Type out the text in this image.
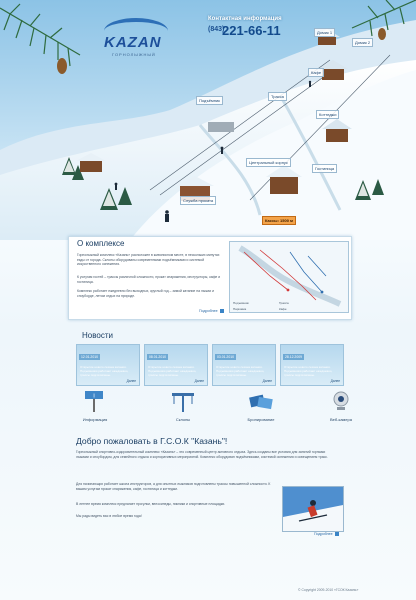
KAZAN
ГОРНОЛЫЖНЫЙ
Контактная информация
(843)
221-66-11	Домик 1
Домик 2
Кафе
Коттеджи
Подъёмник
Трасса
Центральный корпус
Гостиница
Служба проката
Кассы: 1500 м
О комплексе
Горнолыжный комплекс «Казань» расположен в живописном месте, в нескольких минутах езды от города. Склоны оборудованы современными подъёмниками и системой искусственного оснежения.
К услугам гостей – трассы различной сложности, прокат снаряжения, инструкторы, кафе и гостиница.
Комплекс работает ежедневно без выходных, круглый год – зимой катание на лыжах и сноуборде, летом отдых на природе.
Подробнее
Подъёмник	Трасса
Парковка	Кафе
Новости
12.01.2010
Открытие нового сезона катания. Подъёмники работают ежедневно, трассы подготовлены.
Далее
08.01.2010
Открытие нового сезона катания. Подъёмники работают ежедневно, трассы подготовлены.
Далее
03.01.2010
Открытие нового сезона катания. Подъёмники работают ежедневно, трассы подготовлены.
Далее
28.12.2009
Открытие нового сезона катания. Подъёмники работают ежедневно, трассы подготовлены.
Далее
i
Информация	Склоны	Бронирование	Веб-камера
Добро пожаловать в Г.С.О.К "Казань"!
Горнолыжный спортивно-оздоровительный комплекс «Казань» – это современный центр активного отдыха. Здесь созданы все условия для занятий горными лыжами и сноубордом, для семейного отдыха и корпоративных мероприятий. Комплекс оборудован подъёмниками, системой оснежения и освещением трасс.
Для начинающих работает школа инструкторов, а для опытных лыжников подготовлены трассы повышенной сложности. К вашим услугам прокат снаряжения, кафе, гостиница и коттеджи.
В летнее время комплекс предлагает прогулки, велосипеды, пикники и спортивные площадки.
Мы рады видеть вас в любое время года!
Подробнее
© Copyright 2009-2010 «ГСОК Казань»
